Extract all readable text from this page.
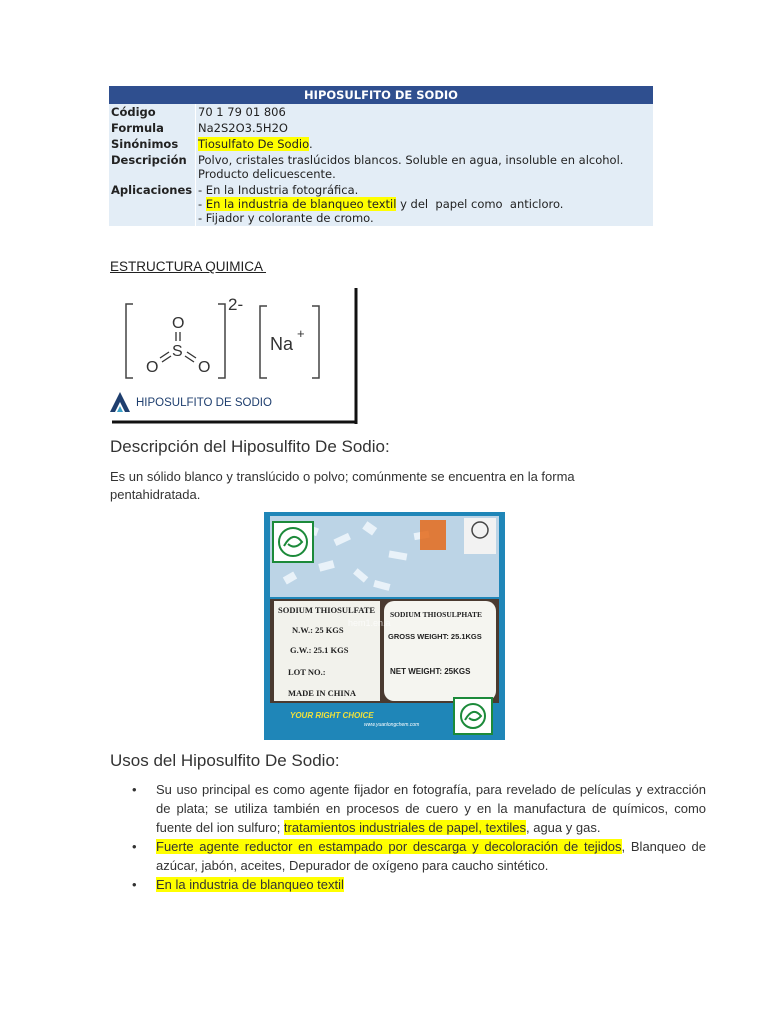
HIPOSULFITO DE SODIO	
Código	70 1 79 01 806
Formula	Na2S2O3.5H2O
Sinónimos	Tiosulfato De Sodio.
Descripción	Polvo, cristales traslúcidos blancos. Soluble en agua, insoluble en alcohol.
Producto delicuescente.

Aplicaciones	- En la Industria fotográfica.
- En la industria de blanqueo textil y del  papel como  anticloro.
- Fijador y colorante de cromo.
ESTRUCTURA QUIMICA
O
S
O O
2-
Na
+
HIPOSULFITO DE SODIO
Descripción del Hiposulfito De Sodio:

Es un sólido blanco y translúcido o polvo; comúnmente se encuentra en la forma pentahidratada.

SODIUM THIOSULFATE
N.W.: 25 KGS
G.W.: 25.1 KGS
LOT NO.:
MADE IN CHINA
SODIUM THIOSULPHATE
GROSS WEIGHT: 25.1KGS
NET WEIGHT: 25KGS
hem1.en.a
YOUR RIGHT CHOICE
www.yuanlongchem.com
Usos del Hiposulfito De Sodio:
• Su uso principal es como agente fijador en fotografía, para revelado de películas y extracción de plata; se utiliza también en procesos de cuero y en la manufactura de químicos, como fuente del ion sulfuro; tratamientos industriales de papel, textiles, agua y gas.
• Fuerte agente reductor en estampado por descarga y decoloración de tejidos, Blanqueo de azúcar, jabón, aceites, Depurador de oxígeno para caucho sintético.
• En la industria de blanqueo textil
